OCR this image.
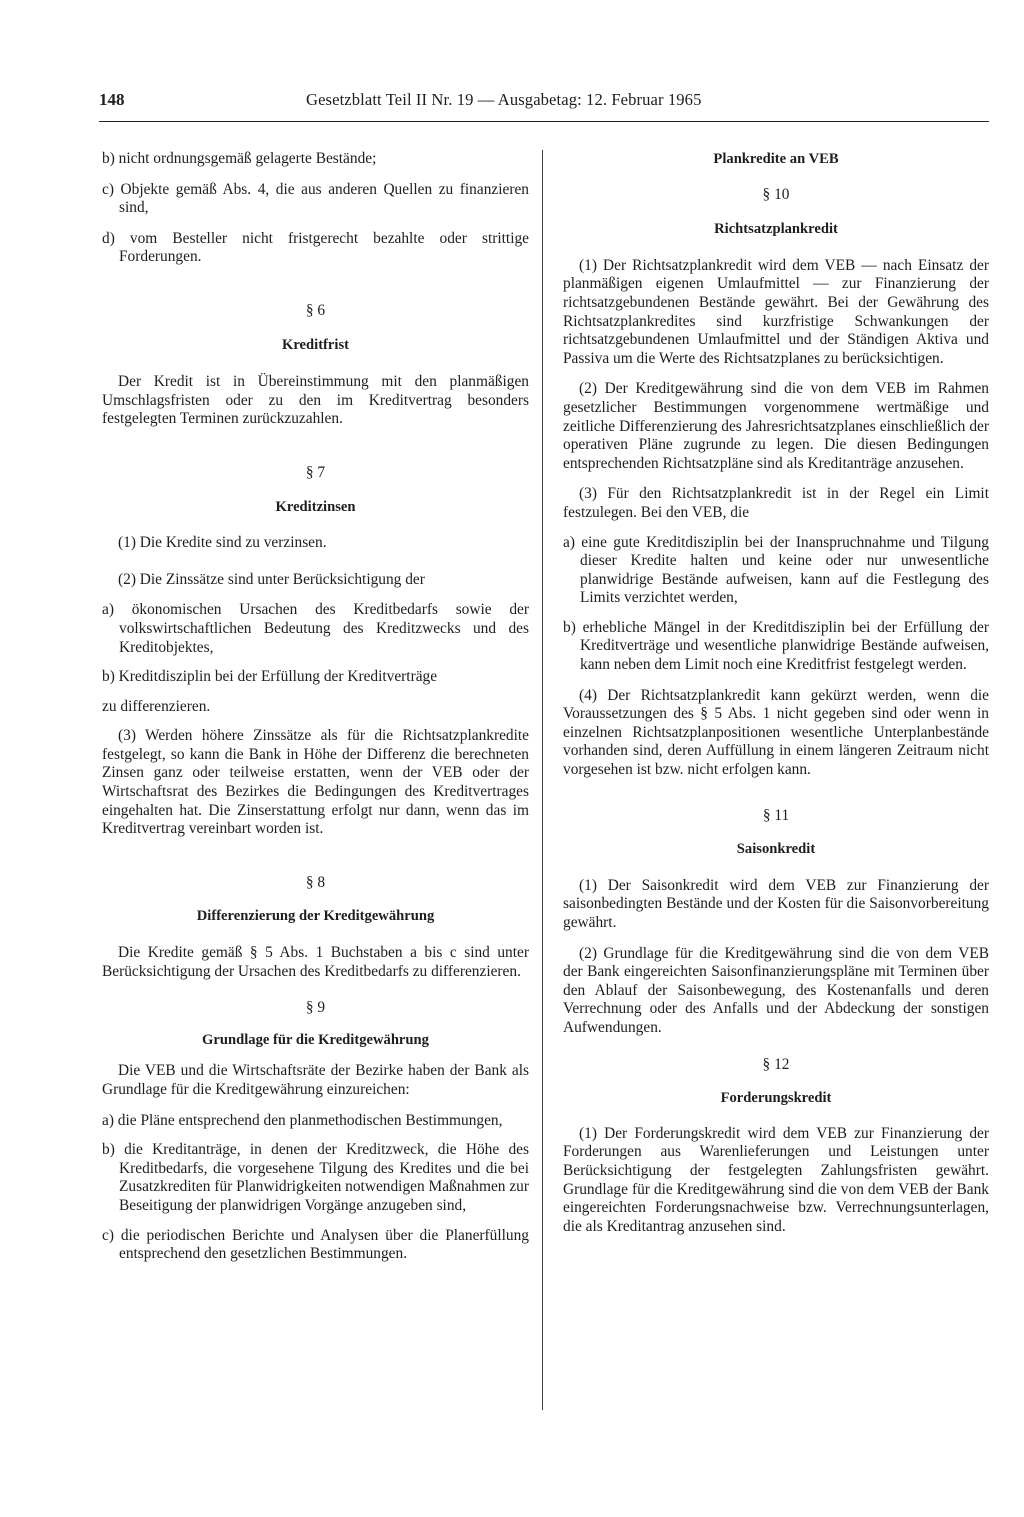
148	Gesetzblatt Teil II Nr. 19 — Ausgabetag: 12. Februar 1965

b) nicht ordnungsgemäß gelagerte Bestände;

c) Objekte gemäß Abs. 4, die aus anderen Quellen zu finanzieren sind,

d) vom Besteller nicht fristgerecht bezahlte oder strittige Forderungen.

§ 6

Kreditfrist

Der Kredit ist in Übereinstimmung mit den planmäßigen Umschlagsfristen oder zu den im Kreditvertrag besonders festgelegten Terminen zurückzuzahlen.

§ 7

Kreditzinsen

(1) Die Kredite sind zu verzinsen.

(2) Die Zinssätze sind unter Berücksichtigung der

a) ökonomischen Ursachen des Kreditbedarfs sowie der volkswirtschaftlichen Bedeutung des Kreditzwecks und des Kreditobjektes,

b) Kreditdisziplin bei der Erfüllung der Kreditverträge

zu differenzieren.

(3) Werden höhere Zinssätze als für die Richtsatzplankredite festgelegt, so kann die Bank in Höhe der Differenz die berechneten Zinsen ganz oder teilweise erstatten, wenn der VEB oder der Wirtschaftsrat des Bezirkes die Bedingungen des Kreditvertrages eingehalten hat. Die Zinserstattung erfolgt nur dann, wenn das im Kreditvertrag vereinbart worden ist.

§ 8

Differenzierung der Kreditgewährung

Die Kredite gemäß § 5 Abs. 1 Buchstaben a bis c sind unter Berücksichtigung der Ursachen des Kreditbedarfs zu differenzieren.

§ 9

Grundlage für die Kreditgewährung

Die VEB und die Wirtschaftsräte der Bezirke haben der Bank als Grundlage für die Kreditgewährung einzureichen:

a) die Pläne entsprechend den planmethodischen Bestimmungen,

b) die Kreditanträge, in denen der Kreditzweck, die Höhe des Kreditbedarfs, die vorgesehene Tilgung des Kredites und die bei Zusatzkrediten für Planwidrigkeiten notwendigen Maßnahmen zur Beseitigung der planwidrigen Vorgänge anzugeben sind,

c) die periodischen Berichte und Analysen über die Planerfüllung entsprechend den gesetzlichen Bestimmungen.

Plankredite an VEB

§ 10

Richtsatzplankredit

(1) Der Richtsatzplankredit wird dem VEB — nach Einsatz der planmäßigen eigenen Umlaufmittel — zur Finanzierung der richtsatzgebundenen Bestände gewährt. Bei der Gewährung des Richtsatzplankredites sind kurzfristige Schwankungen der richtsatzgebundenen Umlaufmittel und der Ständigen Aktiva und Passiva um die Werte des Richtsatzplanes zu berücksichtigen.

(2) Der Kreditgewährung sind die von dem VEB im Rahmen gesetzlicher Bestimmungen vorgenommene wertmäßige und zeitliche Differenzierung des Jahresrichtsatzplanes einschließlich der operativen Pläne zugrunde zu legen. Die diesen Bedingungen entsprechenden Richtsatzpläne sind als Kreditanträge anzusehen.

(3) Für den Richtsatzplankredit ist in der Regel ein Limit festzulegen. Bei den VEB, die

a) eine gute Kreditdisziplin bei der Inanspruchnahme und Tilgung dieser Kredite halten und keine oder nur unwesentliche planwidrige Bestände aufweisen, kann auf die Festlegung des Limits verzichtet werden,

b) erhebliche Mängel in der Kreditdisziplin bei der Erfüllung der Kreditverträge und wesentliche planwidrige Bestände aufweisen, kann neben dem Limit noch eine Kreditfrist festgelegt werden.

(4) Der Richtsatzplankredit kann gekürzt werden, wenn die Voraussetzungen des § 5 Abs. 1 nicht gegeben sind oder wenn in einzelnen Richtsatzplanpositionen wesentliche Unterplanbestände vorhanden sind, deren Auffüllung in einem längeren Zeitraum nicht vorgesehen ist bzw. nicht erfolgen kann.

§ 11

Saisonkredit

(1) Der Saisonkredit wird dem VEB zur Finanzierung der saisonbedingten Bestände und der Kosten für die Saisonvorbereitung gewährt.

(2) Grundlage für die Kreditgewährung sind die von dem VEB der Bank eingereichten Saisonfinanzierungspläne mit Terminen über den Ablauf der Saisonbewegung, des Kostenanfalls und deren Verrechnung oder des Anfalls und der Abdeckung der sonstigen Aufwendungen.

§ 12

Forderungskredit

(1) Der Forderungskredit wird dem VEB zur Finanzierung der Forderungen aus Warenlieferungen und Leistungen unter Berücksichtigung der festgelegten Zahlungsfristen gewährt. Grundlage für die Kreditgewährung sind die von dem VEB der Bank eingereichten Forderungsnachweise bzw. Verrechnungsunterlagen, die als Kreditantrag anzusehen sind.
